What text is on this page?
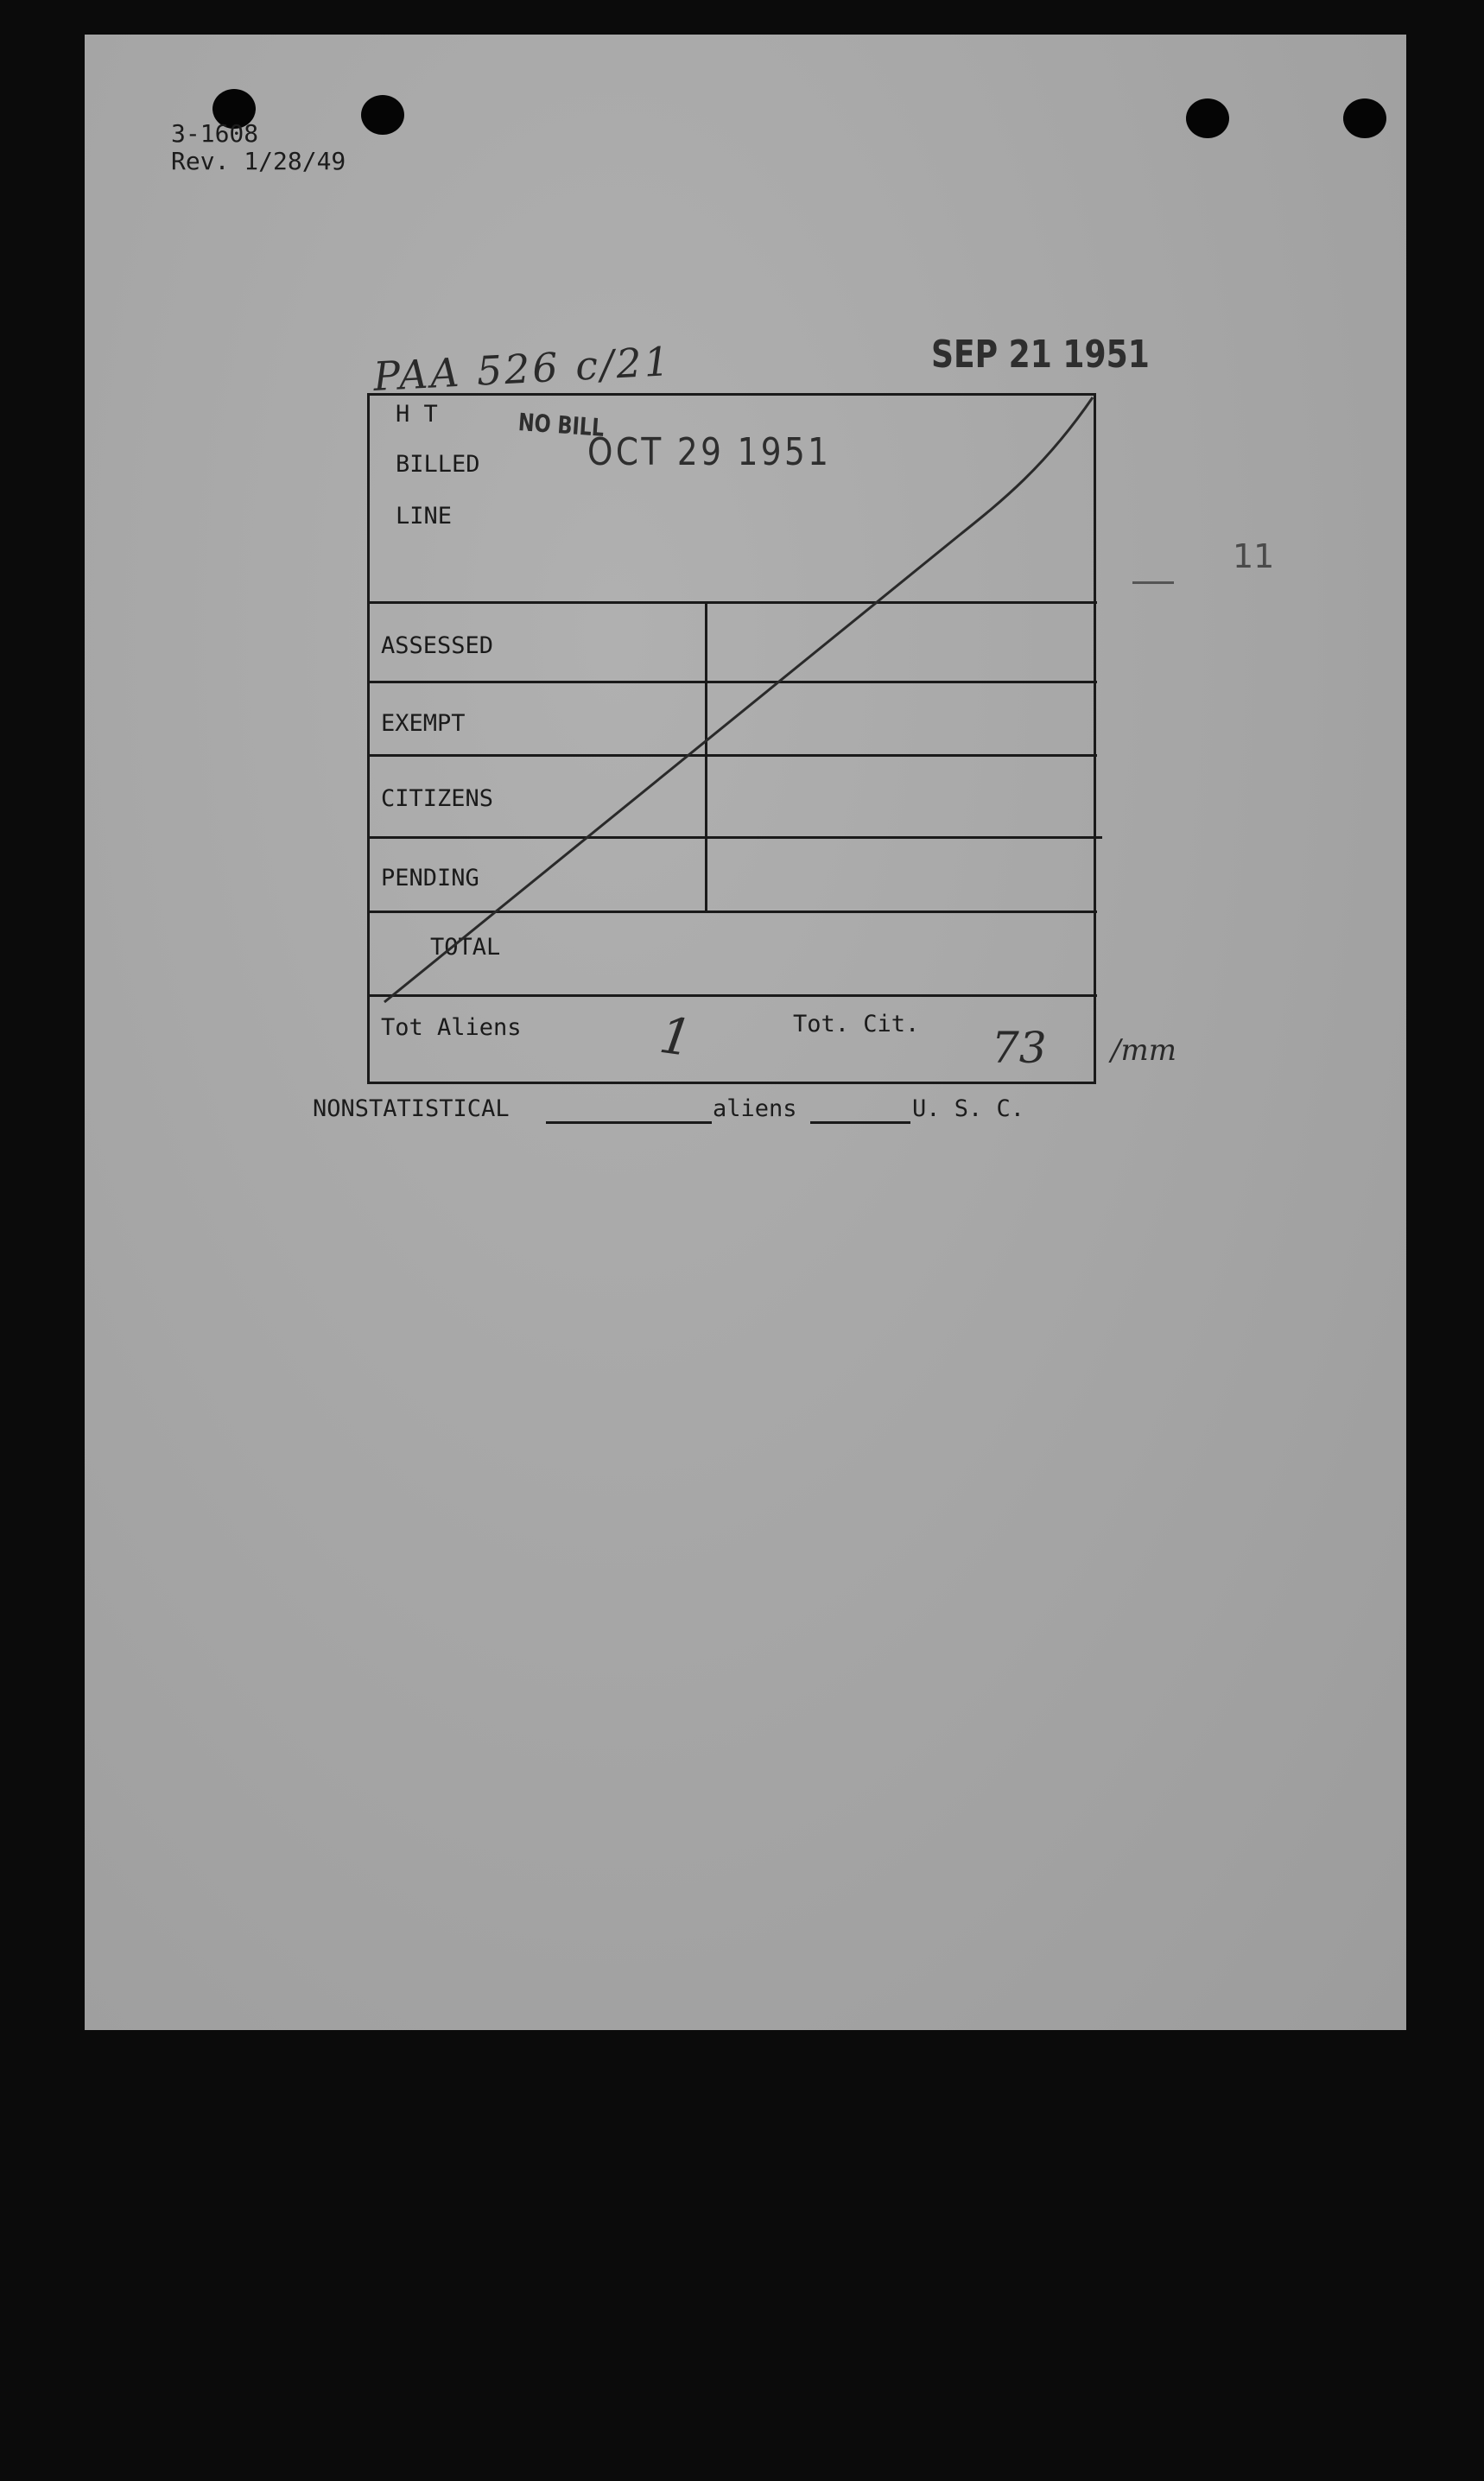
3-1608
Rev. 1/28/49
PAA 526 c/21	SEP 21 1951
OCT 29 1951
NO BILL
11
H T
BILLED
LINE
ASSESSED
EXEMPT
CITIZENS
PENDING
TOTAL
Tot Aliens	1	Tot. Cit. 73 /mm
NONSTATISTICAL	aliens	U. S. C.
